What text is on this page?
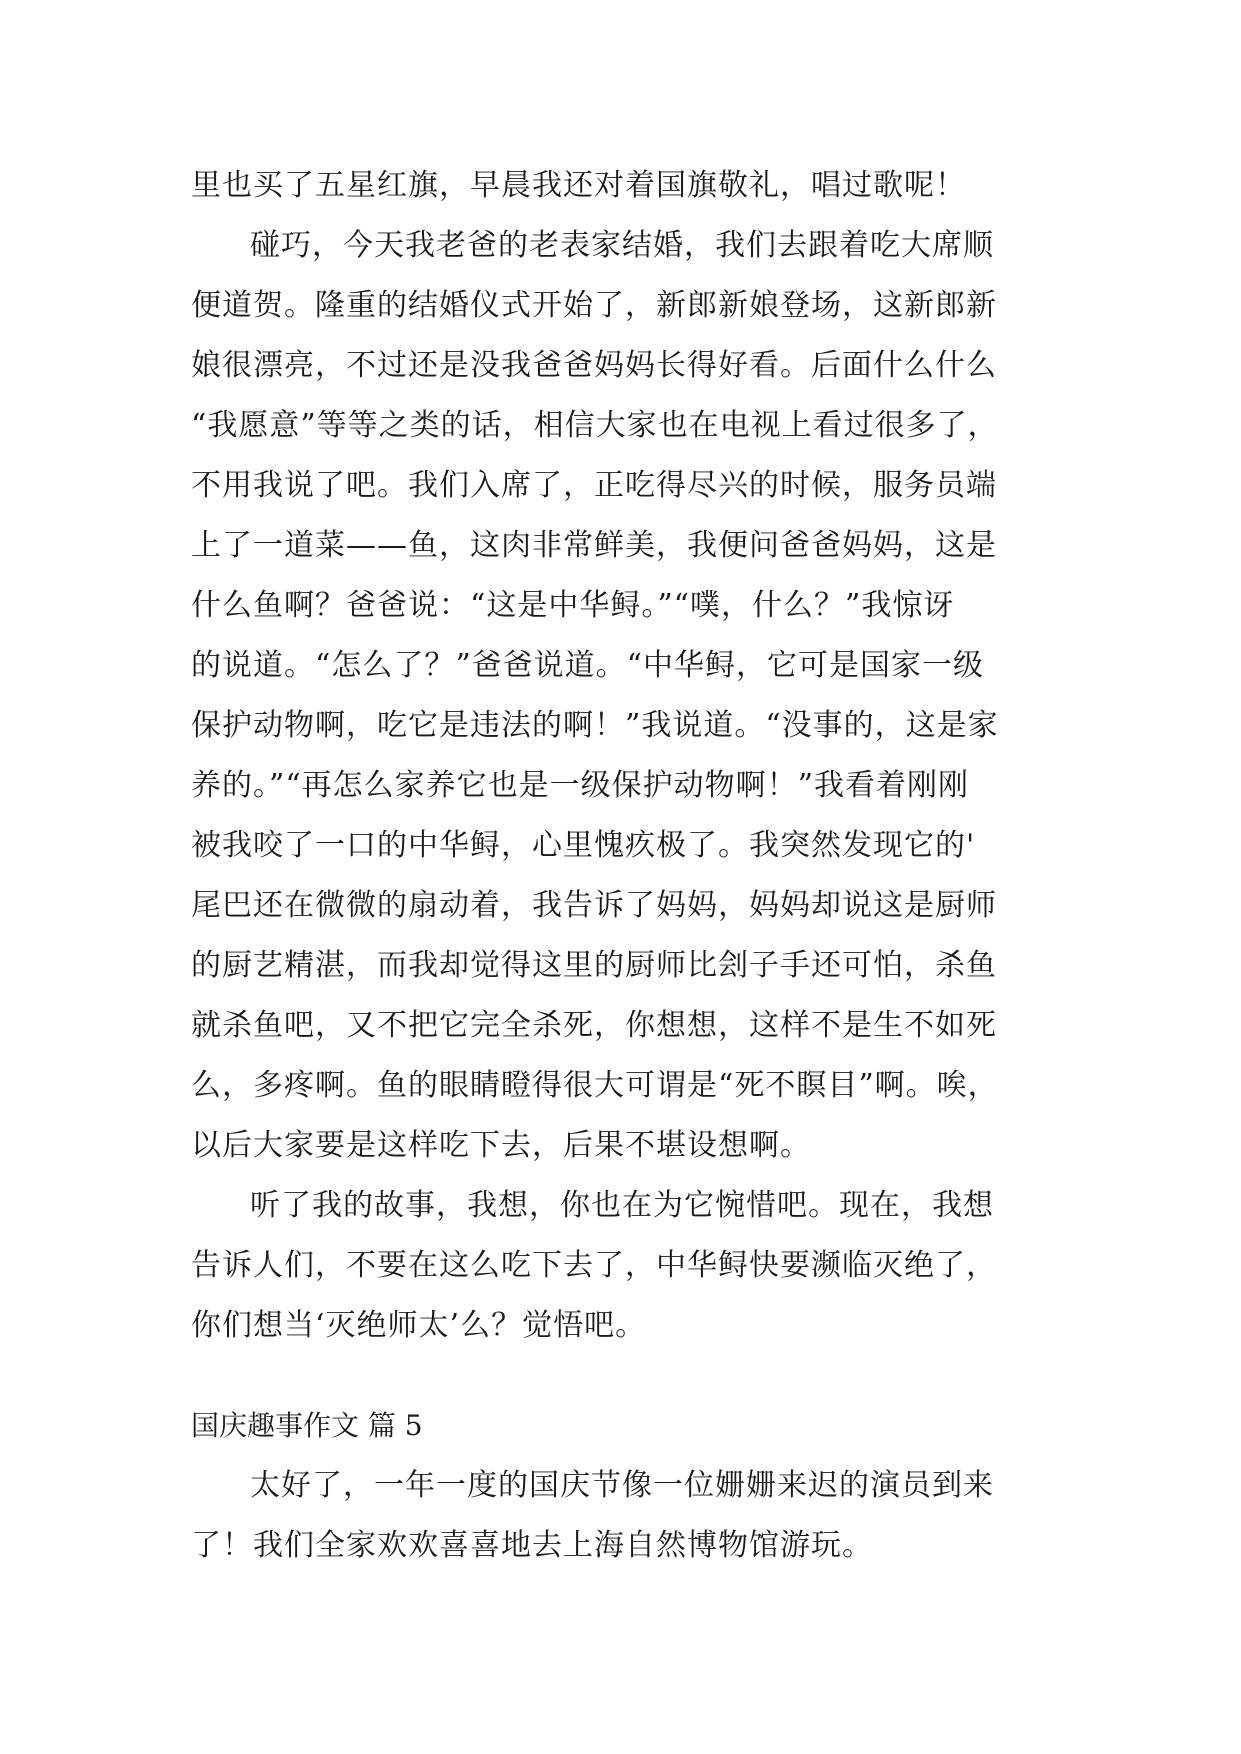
里也买了五星红旗，早晨我还对着国旗敬礼，唱过歌呢！
碰巧，今天我老爸的老表家结婚，我们去跟着吃大席顺
便道贺。隆重的结婚仪式开始了，新郎新娘登场，这新郎新
娘很漂亮，不过还是没我爸爸妈妈长得好看。后面什么什么
“我愿意”等等之类的话，相信大家也在电视上看过很多了，
不用我说了吧。我们入席了，正吃得尽兴的时候，服务员端
上了一道菜——鱼，这肉非常鲜美，我便问爸爸妈妈，这是
什么鱼啊？爸爸说：“这是中华鲟。”“噗，什么？”我惊讶
的说道。“怎么了？”爸爸说道。“中华鲟，它可是国家一级
保护动物啊，吃它是违法的啊！”我说道。“没事的，这是家
养的。”“再怎么家养它也是一级保护动物啊！”我看着刚刚
被我咬了一口的中华鲟，心里愧疚极了。我突然发现它的'
尾巴还在微微的扇动着，我告诉了妈妈，妈妈却说这是厨师
的厨艺精湛，而我却觉得这里的厨师比刽子手还可怕，杀鱼
就杀鱼吧，又不把它完全杀死，你想想，这样不是生不如死
么，多疼啊。鱼的眼睛瞪得很大可谓是“死不瞑目”啊。唉，
以后大家要是这样吃下去，后果不堪设想啊。
听了我的故事，我想，你也在为它惋惜吧。现在，我想
告诉人们，不要在这么吃下去了，中华鲟快要濒临灭绝了，
你们想当‘灭绝师太’么？觉悟吧。
国庆趣事作文 篇 5
太好了，一年一度的国庆节像一位姗姗来迟的演员到来
了！我们全家欢欢喜喜地去上海自然博物馆游玩。
